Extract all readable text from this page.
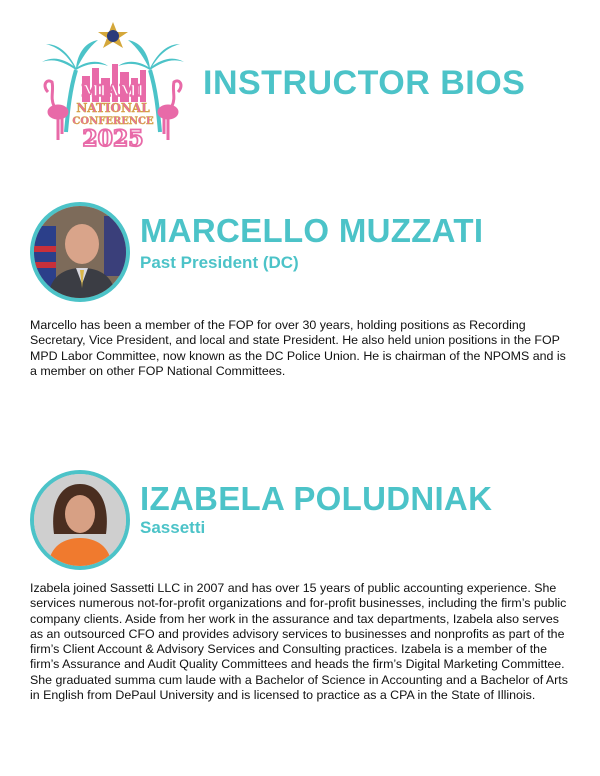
MIAMI
NATIONAL
CONFERENCE
2025
INSTRUCTOR BIOS
MARCELLO MUZZATI

Past President (DC)

Marcello has been a member of the FOP for over 30 years, holding positions as Recording Secretary, Vice President, and local and state President. He also held union positions in the FOP MPD Labor Committee, now known as the DC Police Union. He is chairman of the NPOMS and is a member on other FOP National Committees.

IZABELA POLUDNIAK

Sassetti

Izabela joined Sassetti LLC in 2007 and has over 15 years of public accounting experience. She services numerous not-for-profit organizations and for-profit businesses, including the firm’s public company clients. Aside from her work in the assurance and tax departments, Izabela also serves as an outsourced CFO and provides advisory services to businesses and nonprofits as part of the firm’s Client Account & Advisory Services and Consulting practices. Izabela is a member of the firm’s Assurance and Audit Quality Committees and heads the firm’s Digital Marketing Committee. She graduated summa cum laude with a Bachelor of Science in Accounting and a Bachelor of Arts in English from DePaul University and is licensed to practice as a CPA in the State of Illinois.
